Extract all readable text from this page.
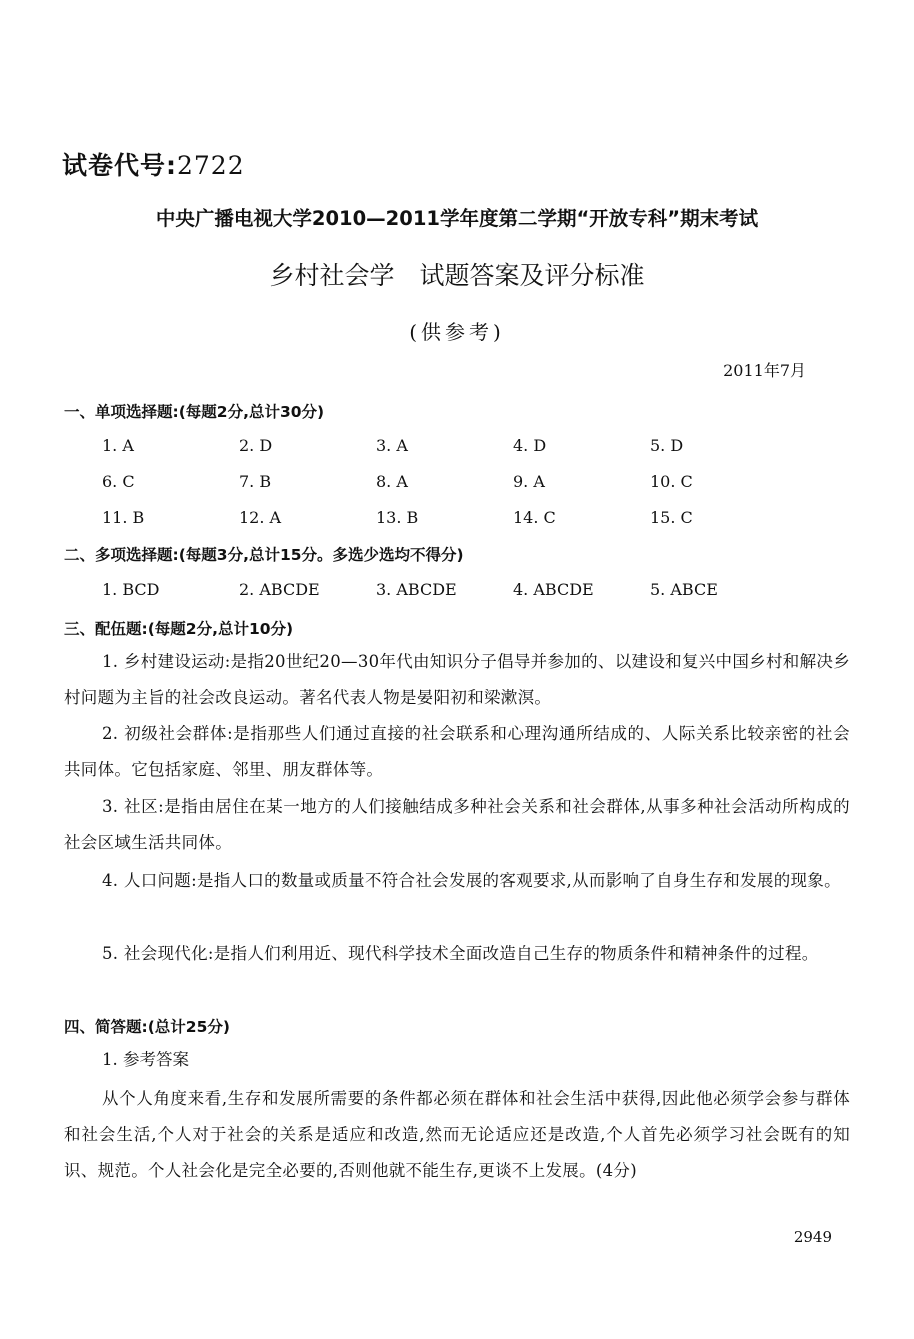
试卷代号:2722
中央广播电视大学2010—2011学年度第二学期“开放专科”期末考试
乡村社会学　试题答案及评分标准
(供参考)
2011年7月
一、单项选择题:(每题2分,总计30分)
1. A	2. D	3. A	4. D	5. D
6. C	7. B	8. A	9. A	10. C
11. B	12. A	13. B	14. C	15. C
二、多项选择题:(每题3分,总计15分。多选少选均不得分)
1. BCD	2. ABCDE	3. ABCDE	4. ABCDE	5. ABCE
三、配伍题:(每题2分,总计10分)

1. 乡村建设运动:是指20世纪20—30年代由知识分子倡导并参加的、以建设和复兴中国乡村和解决乡村问题为主旨的社会改良运动。著名代表人物是晏阳初和梁漱溟。

2. 初级社会群体:是指那些人们通过直接的社会联系和心理沟通所结成的、人际关系比较亲密的社会共同体。它包括家庭、邻里、朋友群体等。

3. 社区:是指由居住在某一地方的人们接触结成多种社会关系和社会群体,从事多种社会活动所构成的社会区域生活共同体。

4. 人口问题:是指人口的数量或质量不符合社会发展的客观要求,从而影响了自身生存和发展的现象。

5. 社会现代化:是指人们利用近、现代科学技术全面改造自己生存的物质条件和精神条件的过程。

四、简答题:(总计25分)
1. 参考答案

从个人角度来看,生存和发展所需要的条件都必须在群体和社会生活中获得,因此他必须学会参与群体和社会生活,个人对于社会的关系是适应和改造,然而无论适应还是改造,个人首先必须学习社会既有的知识、规范。个人社会化是完全必要的,否则他就不能生存,更谈不上发展。(4分)

2949
